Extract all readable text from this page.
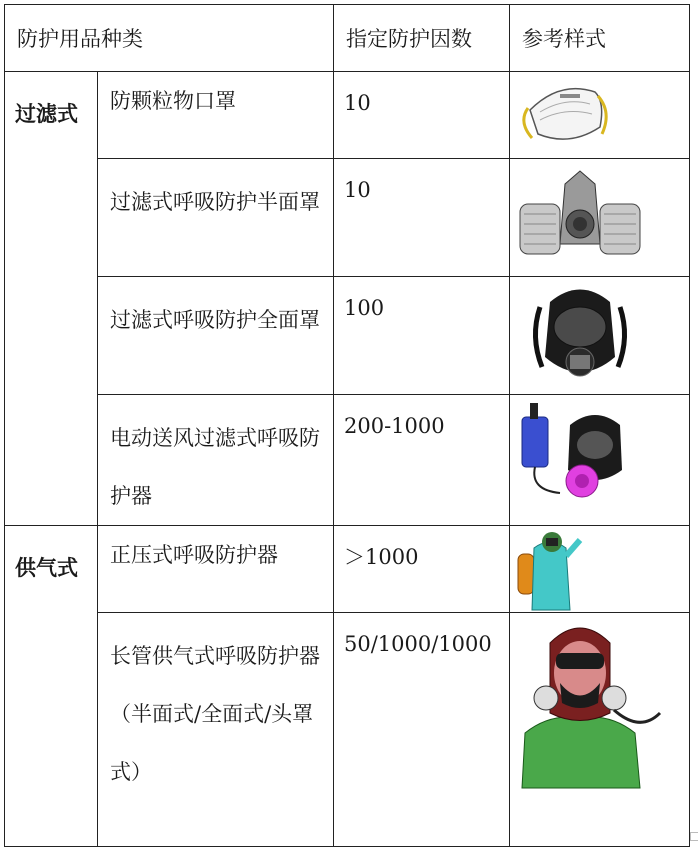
防护用品种类		指定防护因数	参考样式
过滤式	防颗粒物口罩	10	

	过滤式呼吸防护半面罩	10	

	过滤式呼吸防护全面罩	100	

	电动送风过滤式呼吸防护器	200-1000	

供气式	正压式呼吸防护器	＞1000	

	长管供气式呼吸防护器（半面式/全面式/头罩式）	50/1000/1000	
